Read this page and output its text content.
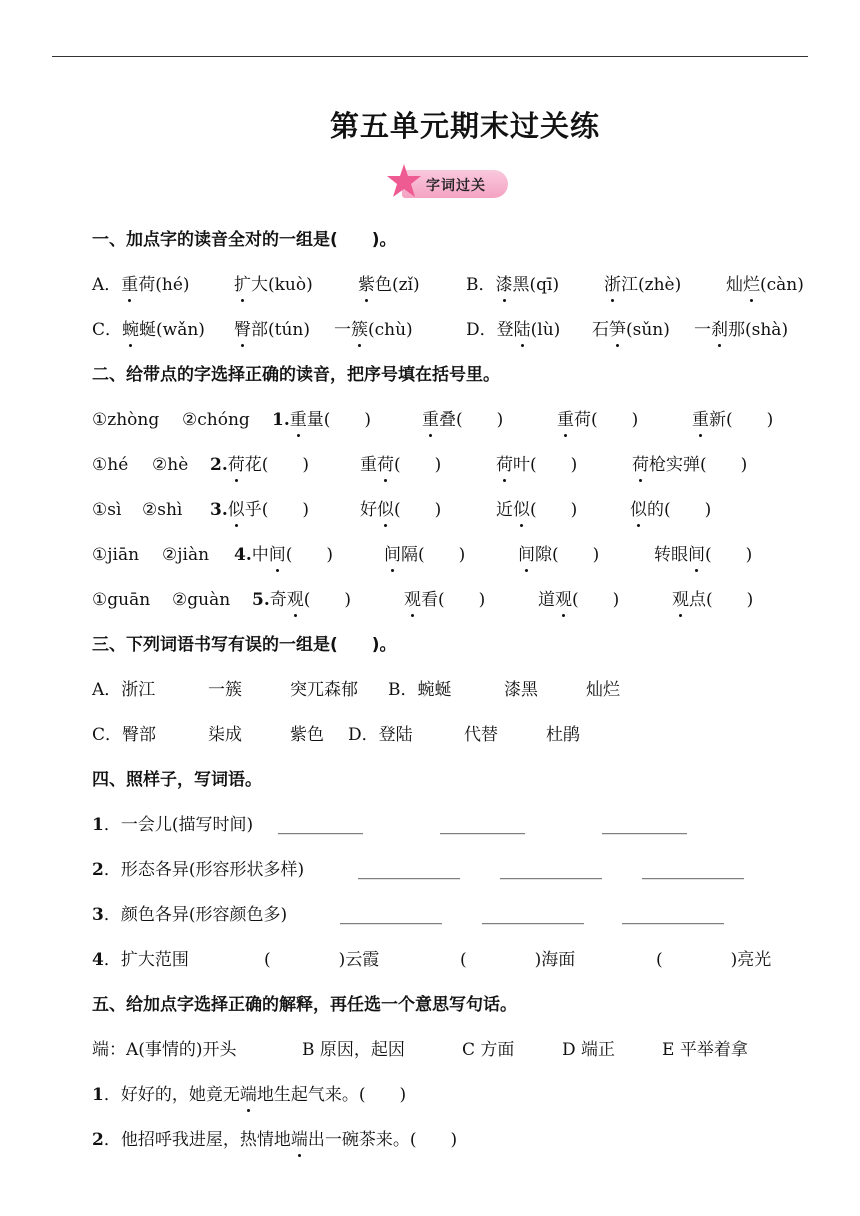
第五单元期末过关练
字词过关
一、加点字的读音全对的一组是(　　)。
A．重荷(hé)	扩大(kuò)	紫色(zǐ)	B．漆黑(qī)	浙江(zhè)	灿烂(càn)
C．蜿蜒(wǎn) 臀部(tún) 一簇(chù)	D．登陆(lù) 石笋(sǔn) 一刹那(shà)
二、给带点的字选择正确的读音，把序号填在括号里。
①zhòng ②chóng 1.重量(　　)	重叠(　　)	重荷(　　)	重新(　　)
①hé ②hè 2.荷花(　　)	重荷(　　)	荷叶(　　)	荷枪实弹(　　)
①sì ②shì 3.似乎(　　)	好似(　　)	近似(　　)	似的(　　)
①jiān ②jiàn 4.中间(　　)	间隔(　　)	间隙(　　)	转眼间(　　)
①guān ②guàn 5.奇观(　　)	观看(　　)	道观(　　)	观点(　　)
三、下列词语书写有误的一组是(　　)。
A．浙江	一簇	突兀森郁 B．蜿蜒	漆黑	灿烂
C．臀部	柒成	紫色 D．登陆	代替	杜鹃
四、照样子，写词语。
1．一会儿(描写时间) __________	__________	__________
2．形态各异(形容形状多样)	____________ ____________ ____________
3．颜色各异(形容颜色多)	____________ ____________ ____________
4．扩大范围	(　　　　)云霞	(　　　　)海面	(　　　　)亮光
五、给加点字选择正确的解释，再任选一个意思写句话。
端：A(事情的)开头	B 原因，起因	C 方面	D 端正	E 平举着拿
1．好好的，她竟无端地生起气来。(　　)
2．他招呼我进屋，热情地端出一碗茶来。(　　)
